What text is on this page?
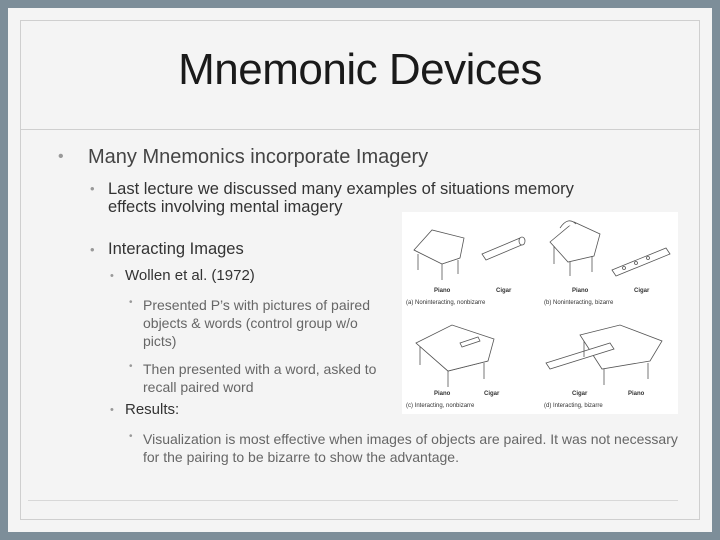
Mnemonic Devices
• Many Mnemonics incorporate Imagery
• Last lecture we discussed many examples of situations memory effects involving mental imagery
• Interacting Images
• Wollen et al. (1972)
• Presented P’s with pictures of paired objects & words (control group w/o picts)
• Then presented with a word, asked to recall paired word
• Results:
• Visualization is most effective when images of objects are paired. It was not necessary for the pairing to be bizarre to show the advantage.
Piano	Cigar
(a) Noninteracting, nonbizarre
Piano	Cigar
(b) Noninteracting, bizarre
Piano	Cigar
(c) Interacting, nonbizarre
Cigar	Piano
(d) Interacting, bizarre
